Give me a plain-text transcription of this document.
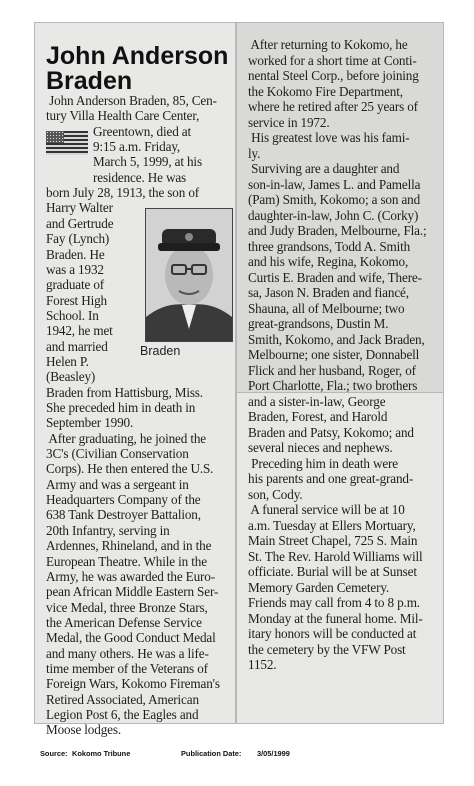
John Anderson
Braden
Braden

John Anderson Braden, 85, Cen-

tury Villa Health Care Center,

Greentown, died at

9:15 a.m. Friday,

March 5, 1999, at his

residence. He was

born July 28, 1913, the son of

Harry Walter

and Gertrude

Fay (Lynch)

Braden. He

was a 1932

graduate of

Forest High

School. In

1942, he met

and married

Helen P.

(Beasley)

Braden from Hattisburg, Miss.

She preceded him in death in

September 1990.

After graduating, he joined the

3C's (Civilian Conservation

Corps). He then entered the U.S.

Army and was a sergeant in

Headquarters Company of the

638 Tank Destroyer Battalion,

20th Infantry, serving in

Ardennes, Rhineland, and in the

European Theatre. While in the

Army, he was awarded the Euro-

pean African Middle Eastern Ser-

vice Medal, three Bronze Stars,

the American Defense Service

Medal, the Good Conduct Medal

and many others. He was a life-

time member of the Veterans of

Foreign Wars, Kokomo Fireman's

Retired Associated, American

Legion Post 6, the Eagles and

Moose lodges.

After returning to Kokomo, he

worked for a short time at Conti-

nental Steel Corp., before joining

the Kokomo Fire Department,

where he retired after 25 years of

service in 1972.

His greatest love was his fami-

ly.

Surviving are a daughter and

son-in-law, James L. and Pamella

(Pam) Smith, Kokomo; a son and

daughter-in-law, John C. (Corky)

and Judy Braden, Melbourne, Fla.;

three grandsons, Todd A. Smith

and his wife, Regina, Kokomo,

Curtis E. Braden and wife, There-

sa, Jason N. Braden and fiancé,

Shauna, all of Melbourne; two

great-grandsons, Dustin M.

Smith, Kokomo, and Jack Braden,

Melbourne; one sister, Donnabell

Flick and her husband, Roger, of

Port Charlotte, Fla.; two brothers

and a sister-in-law, George

Braden, Forest, and Harold

Braden and Patsy, Kokomo; and

several nieces and nephews.

Preceding him in death were

his parents and one great-grand-

son, Cody.

A funeral service will be at 10

a.m. Tuesday at Ellers Mortuary,

Main Street Chapel, 725 S. Main

St. The Rev. Harold Williams will

officiate. Burial will be at Sunset

Memory Garden Cemetery.

Friends may call from 4 to 8 p.m.

Monday at the funeral home. Mil-

itary honors will be conducted at

the cemetery by the VFW Post

1152.

Source: Kokomo Tribune	Publication Date: 3/05/1999
